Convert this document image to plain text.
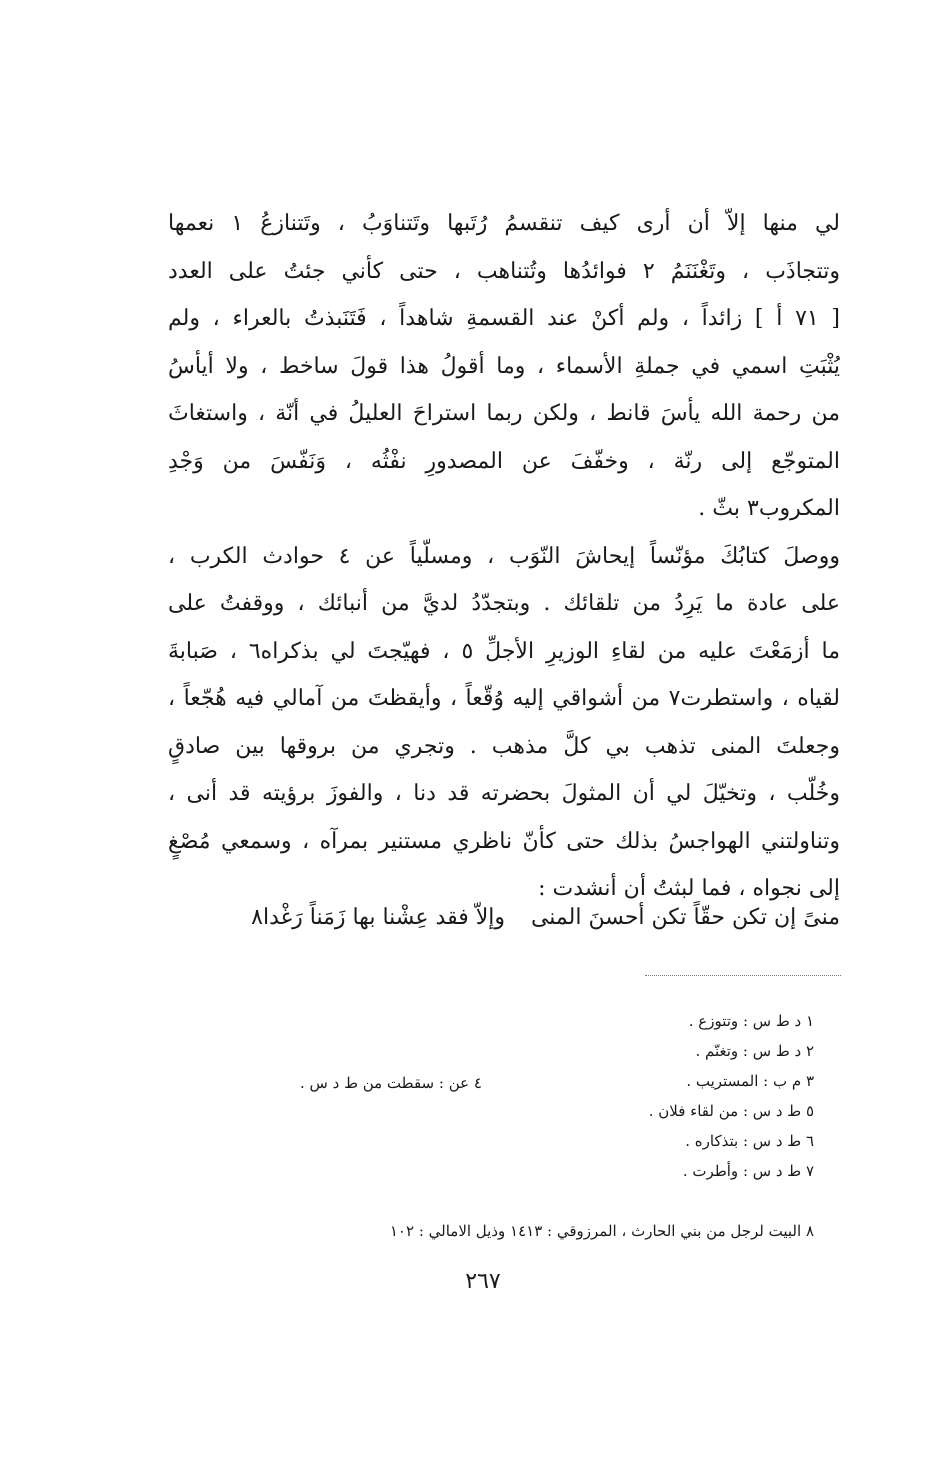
لي منها إلاّ أن أرى كيف تنقسمُ رُتَبها وتَتناوَبُ ، وتَتنازعُ ١ نعمها
وتتجاذَب ، وتَغْنَنَمُ ٢ فوائدُها وتُتناهب ، حتى كأني جئتُ على العدد
[ ٧١ أ ] زائداً ، ولم أكنْ عند القسمةِ شاهداً ، فَتَنَبذتُ بالعراء ، ولم
يُثْبَتِ اسمي في جملةِ الأسماء ، وما أقولُ هذا قولَ ساخط ، ولا أيأسُ
من رحمة الله يأسَ قانط ، ولكن ربما استراحَ العليلُ في أنّة ، واستغاثَ
المتوجّع إلى رنّة ، وخفّفَ عن المصدورِ نفْثُه ، وَنَفّسَ من وَجْدِ
المكروب٣ بثّ .
ووصلَ كتابُكَ مؤنّساً إيحاشَ النّوَب ، ومسلّياً عن ٤ حوادث الكرب ،
على عادة ما يَرِدُ من تلقائك . وبتجدّدُ لديَّ من أنبائك ، ووقفتُ على
ما أزمَعْتَ عليه من لقاءِ الوزيرِ الأجلِّ ٥ ، فهيّجتَ لي بذكراه٦ ، صَبابةَ
لقياه ، واستطرت٧ من أشواقي إليه وُقّعاً ، وأيقظتَ من آمالي فيه هُجّعاً ،
وجعلتَ المنى تذهب بي كلَّ مذهب . وتجري من بروقها بين صادقٍ
وخُلّب ، وتخيّلَ لي أن المثولَ بحضرته قد دنا ، والفوزَ برؤيته قد أنى ،
وتناولتني الهواجسُ بذلك حتى كأنّ ناظري مستنير بمرآه ، وسمعي مُصْغٍ
إلى نجواه ، فما لبثتُ أن أنشدت :
منىً إن تكن حقّاً تكن أحسنَ المنى
وإلاّ فقد عِشْنا بها زَمَناً رَغْدا٨
١ د ط س : وتتوزع .
٢ د ط س : وتغنّم .
٣ م ب : المستريب .
٥ ط د س : من لقاء فلان .
٦ ط د س : بتذكاره .
٧ ط د س : وأطرت .
٤ عن : سقطت من ط د س .
٨ البيت لرجل من بني الحارث ، المرزوقي : ١٤١٣ وذيل الامالي : ١٠٢
٢٦٧
